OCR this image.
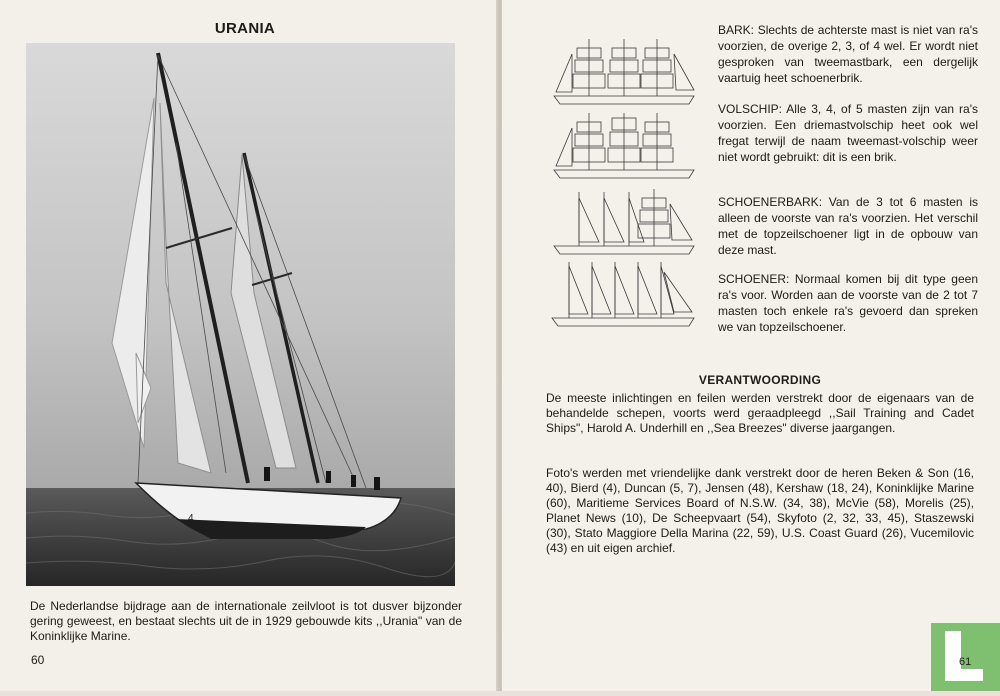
URANIA
4
De Nederlandse bijdrage aan de internationale zeilvloot is tot dusver bijzonder gering geweest, en bestaat slechts uit de in 1929 gebouwde kits ,,Urania" van de Koninklijke Marine.
60
BARK: Slechts de achterste mast is niet van ra's voorzien, de overige 2, 3, of 4 wel. Er wordt niet gesproken van tweemastbark, een dergelijk vaartuig heet schoenerbrik.
VOLSCHIP: Alle 3, 4, of 5 masten zijn van ra's voorzien. Een driemastvolschip heet ook wel fregat terwijl de naam tweemast-volschip weer niet wordt gebruikt: dit is een brik.
SCHOENERBARK: Van de 3 tot 6 masten is alleen de voorste van ra's voorzien. Het verschil met de topzeilschoener ligt in de opbouw van deze mast.
SCHOENER: Normaal komen bij dit type geen ra's voor. Worden aan de voorste van de 2 tot 7 masten toch enkele ra's gevoerd dan spreken we van topzeilschoener.
VERANTWOORDING
De meeste inlichtingen en feilen werden verstrekt door de eigenaars van de behandelde schepen, voorts werd geraadpleegd ,,Sail Training and Cadet Ships", Harold A. Underhill en ,,Sea Breezes" diverse jaargangen.
Foto's werden met vriendelijke dank verstrekt door de heren Beken & Son (16, 40), Bierd (4), Duncan (5, 7), Jensen (48), Kershaw (18, 24), Koninklijke Marine (60), Maritieme Services Board of N.S.W. (34, 38), McVie (58), Morelis (25), Planet News (10), De Scheepvaart (54), Skyfoto (2, 32, 33, 45), Staszewski (30), Stato Maggiore Della Marina (22, 59), U.S. Coast Guard (26), Vucemilovic (43) en uit eigen archief.
61
